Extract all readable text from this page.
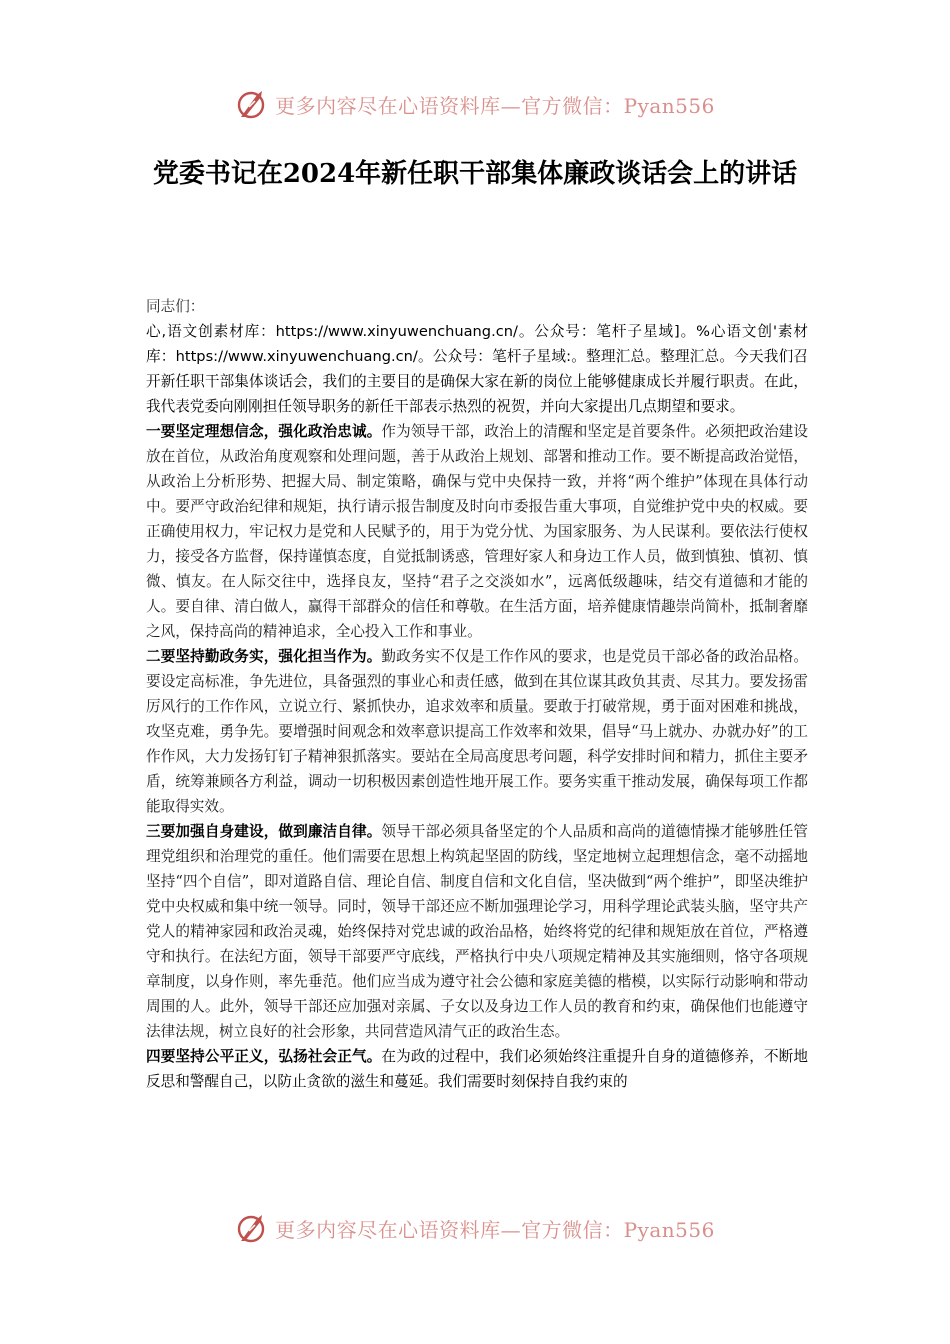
更多内容尽在心语资料库—官方微信：Pyan556
党委书记在2024年新任职干部集体廉政谈话会上的讲话

同志们：

心,语文创素材库：https://www.xinyuwenchuang.cn/。公众号：笔杆子星域]。%心语文创'素材库：https://www.xinyuwenchuang.cn/。公众号：笔杆子星域:。整理汇总。整理汇总。今天我们召开新任职干部集体谈话会，我们的主要目的是确保大家在新的岗位上能够健康成长并履行职责。在此，我代表党委向刚刚担任领导职务的新任干部表示热烈的祝贺，并向大家提出几点期望和要求。

一要坚定理想信念，强化政治忠诚。作为领导干部，政治上的清醒和坚定是首要条件。必须把政治建设放在首位，从政治角度观察和处理问题，善于从政治上规划、部署和推动工作。要不断提高政治觉悟，从政治上分析形势、把握大局、制定策略，确保与党中央保持一致，并将“两个维护”体现在具体行动中。要严守政治纪律和规矩，执行请示报告制度及时向市委报告重大事项，自觉维护党中央的权威。要正确使用权力，牢记权力是党和人民赋予的，用于为党分忧、为国家服务、为人民谋利。要依法行使权力，接受各方监督，保持谨慎态度，自觉抵制诱惑，管理好家人和身边工作人员，做到慎独、慎初、慎微、慎友。在人际交往中，选择良友，坚持“君子之交淡如水”，远离低级趣味，结交有道德和才能的人。要自律、清白做人，赢得干部群众的信任和尊敬。在生活方面，培养健康情趣崇尚简朴，抵制奢靡之风，保持高尚的精神追求，全心投入工作和事业。

二要坚持勤政务实，强化担当作为。勤政务实不仅是工作作风的要求，也是党员干部必备的政治品格。要设定高标准，争先进位，具备强烈的事业心和责任感，做到在其位谋其政负其责、尽其力。要发扬雷厉风行的工作作风，立说立行、紧抓快办，追求效率和质量。要敢于打破常规，勇于面对困难和挑战，攻坚克难，勇争先。要增强时间观念和效率意识提高工作效率和效果，倡导“马上就办、办就办好”的工作作风，大力发扬钉钉子精神狠抓落实。要站在全局高度思考问题，科学安排时间和精力，抓住主要矛盾，统筹兼顾各方利益，调动一切积极因素创造性地开展工作。要务实重干推动发展，确保每项工作都能取得实效。

三要加强自身建设，做到廉洁自律。领导干部必须具备坚定的个人品质和高尚的道德情操才能够胜任管理党组织和治理党的重任。他们需要在思想上构筑起坚固的防线，坚定地树立起理想信念，毫不动摇地坚持“四个自信”，即对道路自信、理论自信、制度自信和文化自信，坚决做到“两个维护”，即坚决维护党中央权威和集中统一领导。同时，领导干部还应不断加强理论学习，用科学理论武装头脑，坚守共产党人的精神家园和政治灵魂，始终保持对党忠诚的政治品格，始终将党的纪律和规矩放在首位，严格遵守和执行。在法纪方面，领导干部要严守底线，严格执行中央八项规定精神及其实施细则，恪守各项规章制度，以身作则，率先垂范。他们应当成为遵守社会公德和家庭美德的楷模，以实际行动影响和带动周围的人。此外，领导干部还应加强对亲属、子女以及身边工作人员的教育和约束，确保他们也能遵守法律法规，树立良好的社会形象，共同营造风清气正的政治生态。

四要坚持公平正义，弘扬社会正气。在为政的过程中，我们必须始终注重提升自身的道德修养，不断地反思和警醒自己，以防止贪欲的滋生和蔓延。我们需要时刻保持自我约束的

更多内容尽在心语资料库—官方微信：Pyan556
